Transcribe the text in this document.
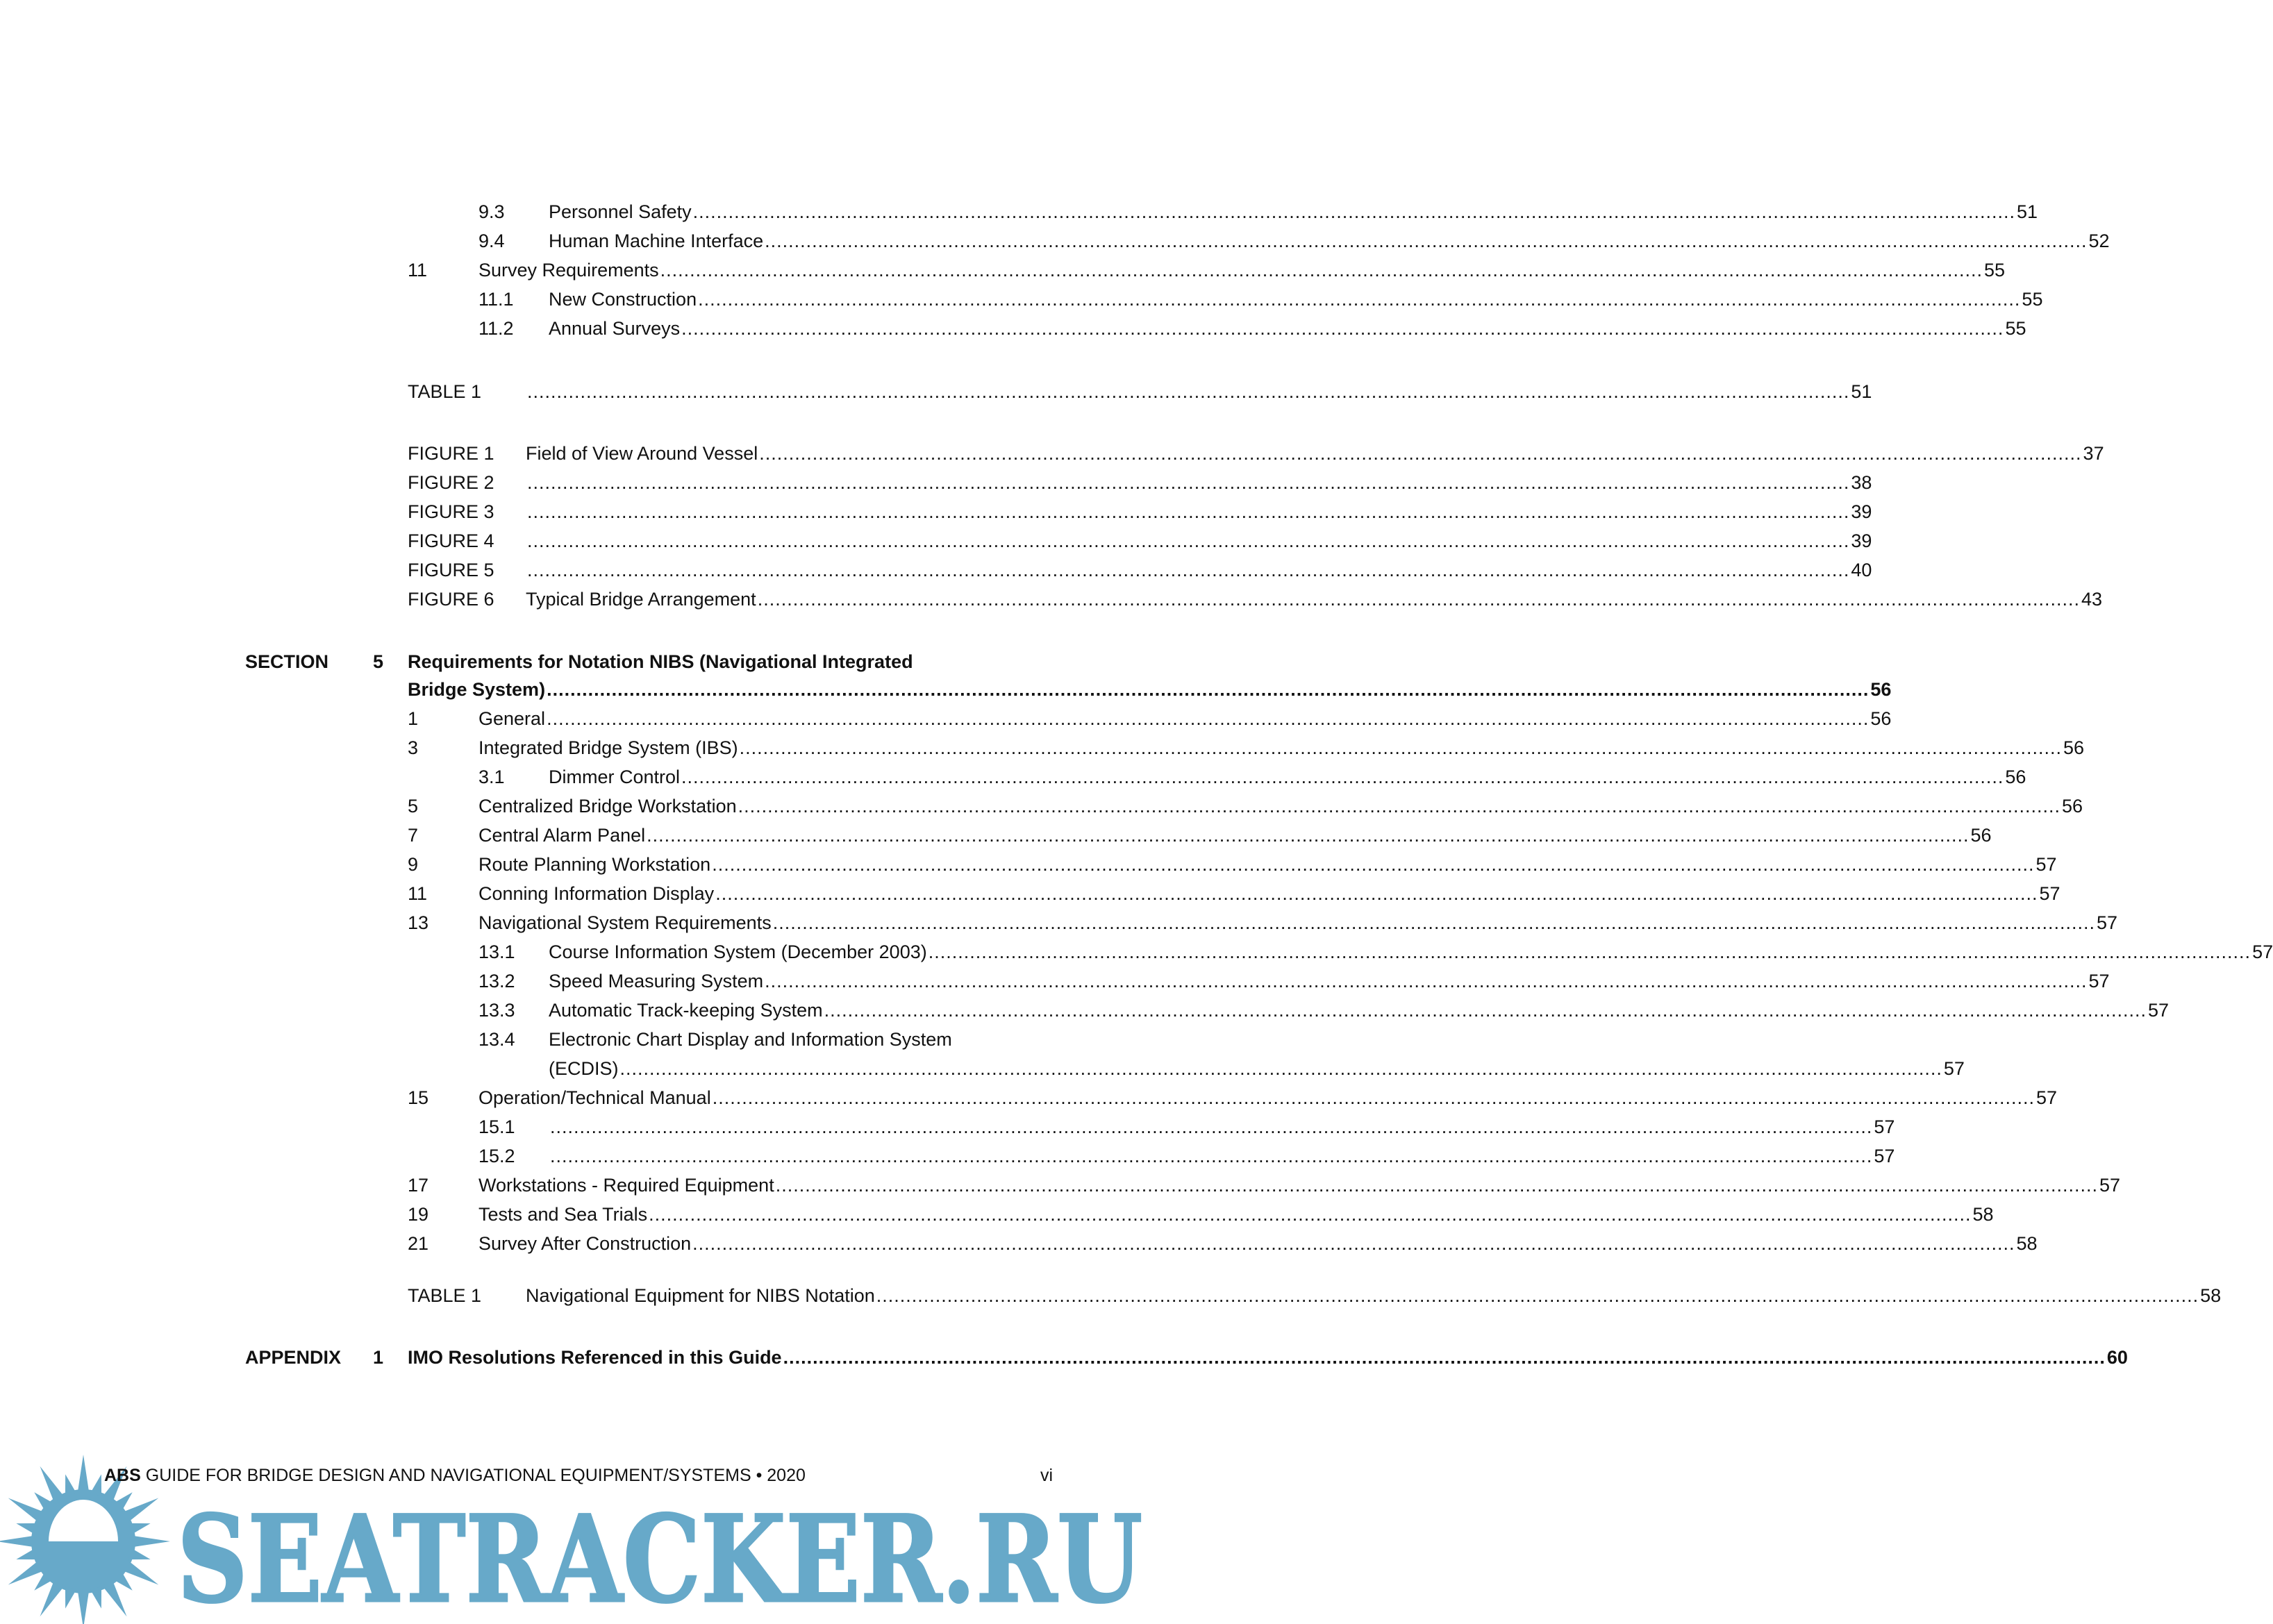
9.3	Personnel Safety .....	51
9.4	Human Machine Interface .....	52
11	Survey Requirements .....	55
11.1	New Construction .....	55
11.2	Annual Surveys .....	55
TABLE 1 .....	51
FIGURE 1	Field of View Around Vessel .....	37
FIGURE 2 .....	38
FIGURE 3 .....	39
FIGURE 4 .....	39
FIGURE 5 .....	40
FIGURE 6	Typical Bridge Arrangement .....	43
SECTION 5 Requirements for Notation NIBS (Navigational Integrated
Bridge System) .....	56
1	General .....	56
3	Integrated Bridge System (IBS) .....	56
3.1	Dimmer Control .....	56
5	Centralized Bridge Workstation .....	56
7	Central Alarm Panel .....	56
9	Route Planning Workstation .....	57
11	Conning Information Display .....	57
13	Navigational System Requirements .....	57
13.1	Course Information System (December 2003) .....	57
13.2	Speed Measuring System .....	57
13.3	Automatic Track-keeping System .....	57
13.4 Electronic Chart Display and Information System
(ECDIS) .....	57
15	Operation/Technical Manual .....	57
15.1 .....	57
15.2 .....	57
17	Workstations - Required Equipment .....	57
19	Tests and Sea Trials .....	58
21	Survey After Construction .....	58
TABLE 1	Navigational Equipment for NIBS Notation .....	58
APPENDIX 1 IMO Resolutions Referenced in this Guide .....	60
SEATRACKER.RU
ABS GUIDE FOR BRIDGE DESIGN AND NAVIGATIONAL EQUIPMENT/SYSTEMS • 2020	vi
